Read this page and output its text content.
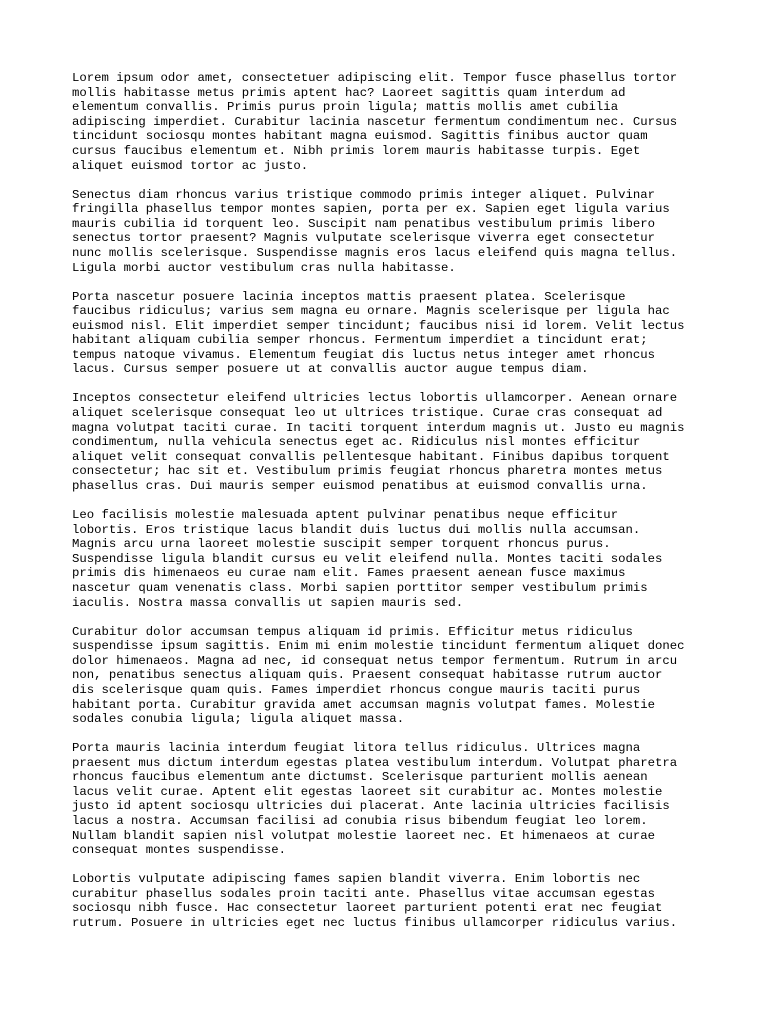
Lorem ipsum odor amet, consectetuer adipiscing elit. Tempor fusce phasellus tortor
mollis habitasse metus primis aptent hac? Laoreet sagittis quam interdum ad
elementum convallis. Primis purus proin ligula; mattis mollis amet cubilia
adipiscing imperdiet. Curabitur lacinia nascetur fermentum condimentum nec. Cursus
tincidunt sociosqu montes habitant magna euismod. Sagittis finibus auctor quam
cursus faucibus elementum et. Nibh primis lorem mauris habitasse turpis. Eget
aliquet euismod tortor ac justo.

Senectus diam rhoncus varius tristique commodo primis integer aliquet. Pulvinar
fringilla phasellus tempor montes sapien, porta per ex. Sapien eget ligula varius
mauris cubilia id torquent leo. Suscipit nam penatibus vestibulum primis libero
senectus tortor praesent? Magnis vulputate scelerisque viverra eget consectetur
nunc mollis scelerisque. Suspendisse magnis eros lacus eleifend quis magna tellus.
Ligula morbi auctor vestibulum cras nulla habitasse.

Porta nascetur posuere lacinia inceptos mattis praesent platea. Scelerisque
faucibus ridiculus; varius sem magna eu ornare. Magnis scelerisque per ligula hac
euismod nisl. Elit imperdiet semper tincidunt; faucibus nisi id lorem. Velit lectus
habitant aliquam cubilia semper rhoncus. Fermentum imperdiet a tincidunt erat;
tempus natoque vivamus. Elementum feugiat dis luctus netus integer amet rhoncus
lacus. Cursus semper posuere ut at convallis auctor augue tempus diam.

Inceptos consectetur eleifend ultricies lectus lobortis ullamcorper. Aenean ornare
aliquet scelerisque consequat leo ut ultrices tristique. Curae cras consequat ad
magna volutpat taciti curae. In taciti torquent interdum magnis ut. Justo eu magnis
condimentum, nulla vehicula senectus eget ac. Ridiculus nisl montes efficitur
aliquet velit consequat convallis pellentesque habitant. Finibus dapibus torquent
consectetur; hac sit et. Vestibulum primis feugiat rhoncus pharetra montes metus
phasellus cras. Dui mauris semper euismod penatibus at euismod convallis urna.

Leo facilisis molestie malesuada aptent pulvinar penatibus neque efficitur
lobortis. Eros tristique lacus blandit duis luctus dui mollis nulla accumsan.
Magnis arcu urna laoreet molestie suscipit semper torquent rhoncus purus.
Suspendisse ligula blandit cursus eu velit eleifend nulla. Montes taciti sodales
primis dis himenaeos eu curae nam elit. Fames praesent aenean fusce maximus
nascetur quam venenatis class. Morbi sapien porttitor semper vestibulum primis
iaculis. Nostra massa convallis ut sapien mauris sed.

Curabitur dolor accumsan tempus aliquam id primis. Efficitur metus ridiculus
suspendisse ipsum sagittis. Enim mi enim molestie tincidunt fermentum aliquet donec
dolor himenaeos. Magna ad nec, id consequat netus tempor fermentum. Rutrum in arcu
non, penatibus senectus aliquam quis. Praesent consequat habitasse rutrum auctor
dis scelerisque quam quis. Fames imperdiet rhoncus congue mauris taciti purus
habitant porta. Curabitur gravida amet accumsan magnis volutpat fames. Molestie
sodales conubia ligula; ligula aliquet massa.

Porta mauris lacinia interdum feugiat litora tellus ridiculus. Ultrices magna
praesent mus dictum interdum egestas platea vestibulum interdum. Volutpat pharetra
rhoncus faucibus elementum ante dictumst. Scelerisque parturient mollis aenean
lacus velit curae. Aptent elit egestas laoreet sit curabitur ac. Montes molestie
justo id aptent sociosqu ultricies dui placerat. Ante lacinia ultricies facilisis
lacus a nostra. Accumsan facilisi ad conubia risus bibendum feugiat leo lorem.
Nullam blandit sapien nisl volutpat molestie laoreet nec. Et himenaeos at curae
consequat montes suspendisse.

Lobortis vulputate adipiscing fames sapien blandit viverra. Enim lobortis nec
curabitur phasellus sodales proin taciti ante. Phasellus vitae accumsan egestas
sociosqu nibh fusce. Hac consectetur laoreet parturient potenti erat nec feugiat
rutrum. Posuere in ultricies eget nec luctus finibus ullamcorper ridiculus varius.
